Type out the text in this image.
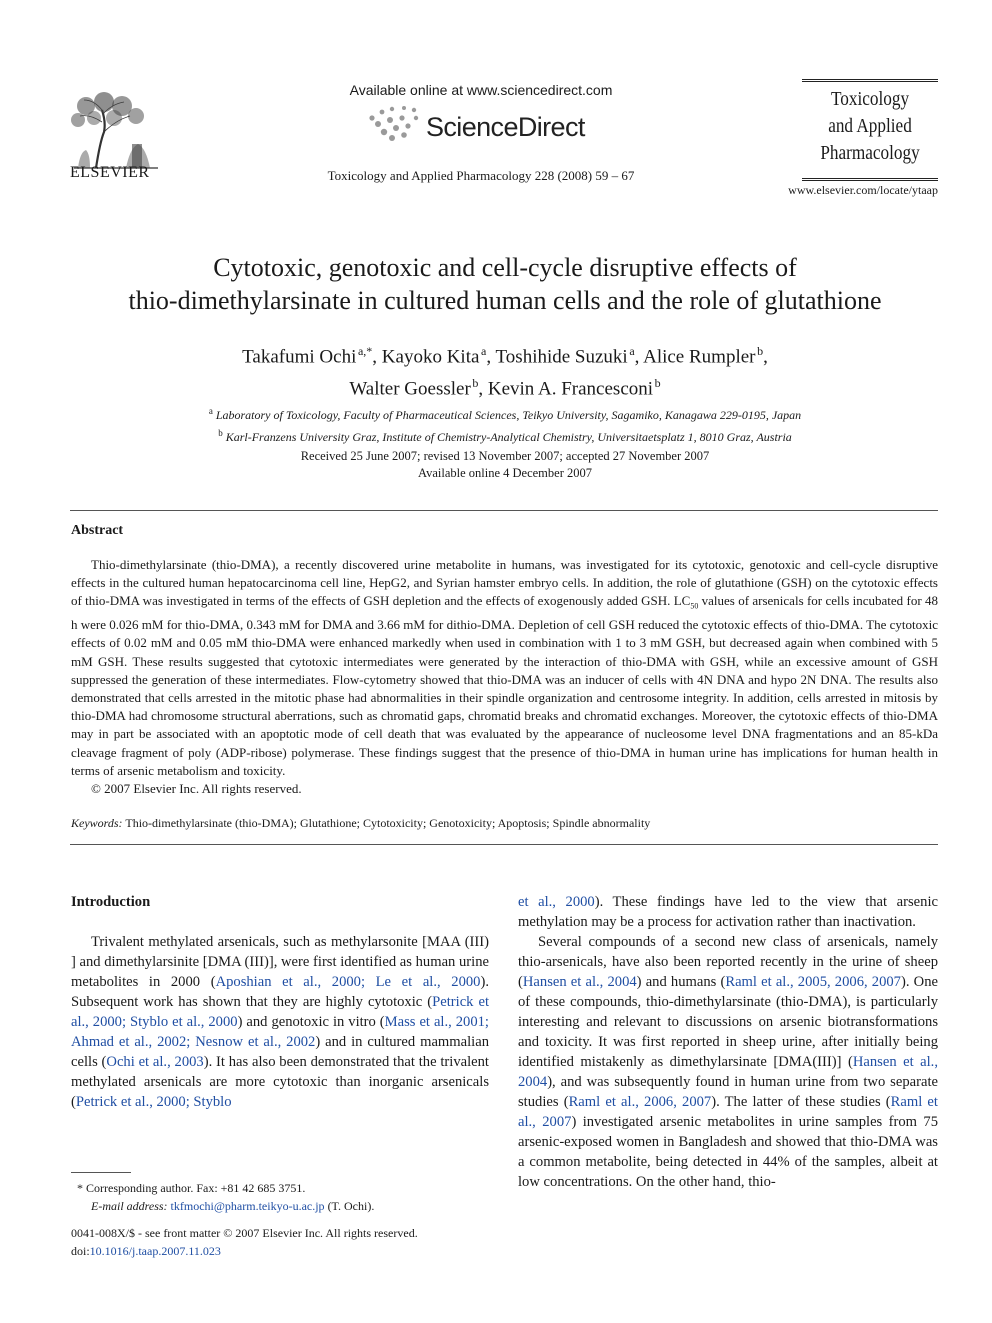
ELSEVIER
Available online at www.sciencedirect.com
ScienceDirect
Toxicology and Applied Pharmacology 228 (2008) 59 – 67
Toxicology
and Applied
Pharmacology
www.elsevier.com/locate/ytaap
Cytotoxic, genotoxic and cell-cycle disruptive effects of
thio-dimethylarsinate in cultured human cells and the role of glutathione
Takafumi Ochi  $^{a,*}$, Kayoko Kita  $^a$, Toshihide Suzuki  $^a$, Alice Rumpler  $^b$,
Walter Goessler  $^b$, Kevin A. Francesconi  $^b$
$^a$ Laboratory of Toxicology, Faculty of Pharmaceutical Sciences, Teikyo University, Sagamiko, Kanagawa 229-0195, Japan
$^b$ Karl-Franzens University Graz, Institute of Chemistry-Analytical Chemistry, Universitaetsplatz 1, 8010 Graz, Austria
Received 25 June 2007; revised 13 November 2007; accepted 27 November 2007
Available online 4 December 2007
Abstract

Thio-dimethylarsinate (thio-DMA), a recently discovered urine metabolite in humans, was investigated for its cytotoxic, genotoxic and cell-cycle disruptive effects in the cultured human hepatocarcinoma cell line, HepG2, and Syrian hamster embryo cells. In addition, the role of glutathione (GSH) on the cytotoxic effects of thio-DMA was investigated in terms of the effects of GSH depletion and the effects of exogenously added GSH. $LC_{50}$ values of arsenicals for cells incubated for 48 h were 0.026 mM for thio-DMA, 0.343 mM for DMA and 3.66 mM for dithio-DMA. Depletion of cell GSH reduced the cytotoxic effects of thio-DMA. The cytotoxic effects of 0.02 mM and 0.05 mM thio-DMA were enhanced markedly when used in combination with 1 to 3 mM GSH, but decreased again when combined with 5 mM GSH. These results suggested that cytotoxic intermediates were generated by the interaction of thio-DMA with GSH, while an excessive amount of GSH suppressed the generation of these intermediates. Flow-cytometry showed that thio-DMA was an inducer of cells with 4N DNA and hypo 2N DNA. The results also demonstrated that cells arrested in the mitotic phase had abnormalities in their spindle organization and centrosome integrity. In addition, cells arrested in mitosis by thio-DMA had chromosome structural aberrations, such as chromatid gaps, chromatid breaks and chromatid exchanges. Moreover, the cytotoxic effects of thio-DMA may in part be associated with an apoptotic mode of cell death that was evaluated by the appearance of nucleosome level DNA fragmentations and an 85-kDa cleavage fragment of poly (ADP-ribose) polymerase. These findings suggest that the presence of thio-DMA in human urine has implications for human health in terms of arsenic metabolism and toxicity.

© 2007 Elsevier Inc. All rights reserved.

Keywords: Thio-dimethylarsinate (thio-DMA); Glutathione; Cytotoxicity; Genotoxicity; Apoptosis; Spindle abnormality
Introduction

Trivalent methylated arsenicals, such as methylarsonite [MAA (III) ] and dimethylarsinite [DMA (III)], were first identified as human urine metabolites in 2000 (Aposhian et al., 2000; Le et al., 2000). Subsequent work has shown that they are highly cytotoxic (Petrick et al., 2000; Styblo et al., 2000) and genotoxic in vitro (Mass et al., 2001; Ahmad et al., 2002; Nesnow et al., 2002) and in cultured mammalian cells (Ochi et al., 2003). It has also been demonstrated that the trivalent methylated arsenicals are more cytotoxic than inorganic arsenicals (Petrick et al., 2000; Styblo

et al., 2000). These findings have led to the view that arsenic methylation may be a process for activation rather than inactivation.

Several compounds of a second new class of arsenicals, namely thio-arsenicals, have also been reported recently in the urine of sheep (Hansen et al., 2004) and humans (Raml et al., 2005, 2006, 2007). One of these compounds, thio-dimethylarsinate (thio-DMA), is particularly interesting and relevant to discussions on arsenic biotransformations and toxicity. It was first reported in sheep urine, after initially being identified mistakenly as dimethylarsinate [DMA(III)] (Hansen et al., 2004), and was subsequently found in human urine from two separate studies (Raml et al., 2006, 2007). The latter of these studies (Raml et al., 2007) investigated arsenic metabolites in urine samples from 75 arsenic-exposed women in Bangladesh and showed that thio-DMA was a common metabolite, being detected in 44% of the samples, albeit at low concentrations. On the other hand, thio-

* Corresponding author. Fax: +81 42 685 3751.
E-mail address: tkfmochi@pharm.teikyo-u.ac.jp (T. Ochi).
0041-008X/$ - see front matter © 2007 Elsevier Inc. All rights reserved.
doi:10.1016/j.taap.2007.11.023
